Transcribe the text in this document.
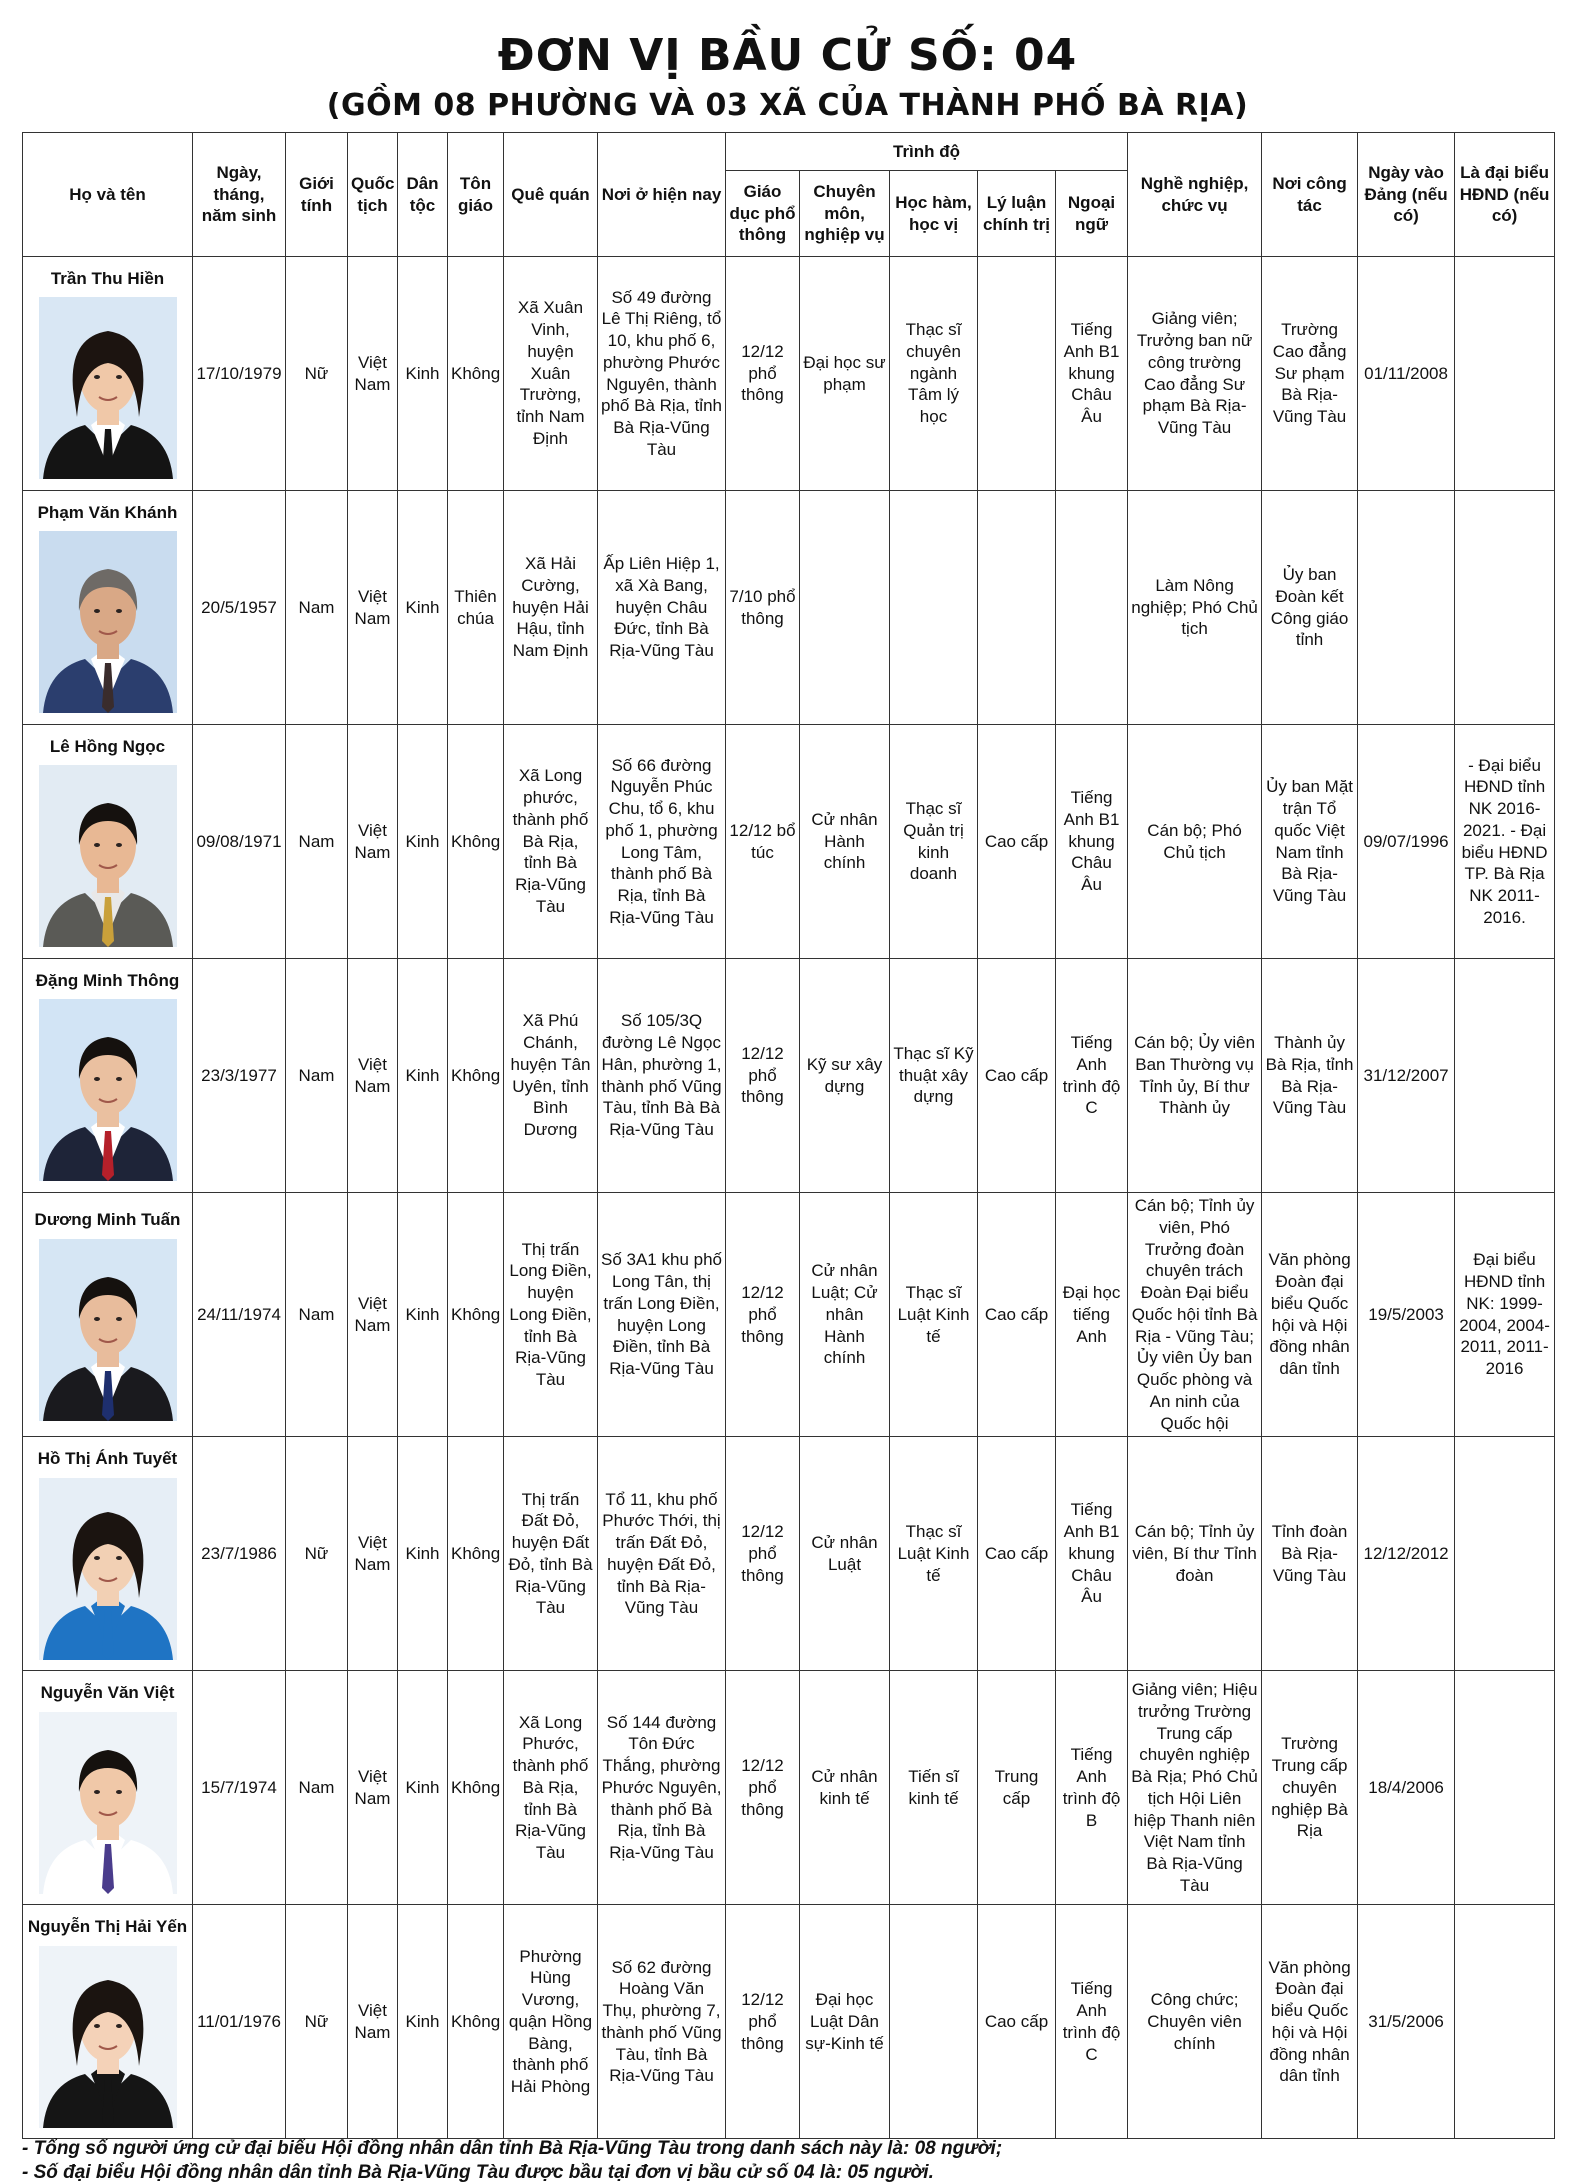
ĐƠN VỊ BẦU CỬ SỐ: 04
(GỒM 08 PHƯỜNG VÀ 03 XÃ CỦA THÀNH PHỐ BÀ RỊA)
Họ và tên	Ngày, tháng, năm sinh	Giới tính	Quốc tịch	Dân tộc	Tôn giáo	Quê quán	Nơi ở hiện nay	Trình độ					Nghề nghiệp, chức vụ	Nơi công tác	Ngày vào Đảng (nếu có)	Là đại biểu HĐND (nếu có)
								Giáo dục phổ thông	Chuyên môn, nghiệp vụ	Học hàm, học vị	Lý luận chính trị	Ngoại ngữ				

Trần Thu Hiền	17/10/1979	Nữ	Việt Nam	Kinh	Không	Xã Xuân Vinh, huyện Xuân Trường, tỉnh Nam Định	Số 49 đường Lê Thị Riêng, tổ 10, khu phố 6, phường Phước Nguyên, thành phố Bà Rịa, tỉnh Bà Rịa-Vũng Tàu	12/12 phổ thông	Đại học sư phạm	Thạc sĩ chuyên ngành Tâm lý học		Tiếng Anh B1 khung Châu Âu	Giảng viên; Trưởng ban nữ công trường Cao đẳng Sư phạm Bà Rịa-Vũng Tàu	Trường Cao đẳng Sư phạm Bà Rịa-Vũng Tàu	01/11/2008	

Phạm Văn Khánh	20/5/1957	Nam	Việt Nam	Kinh	Thiên chúa	Xã Hải Cường, huyện Hải Hậu, tỉnh Nam Định	Ấp Liên Hiệp 1, xã Xà Bang, huyện Châu Đức, tỉnh Bà Rịa-Vũng Tàu	7/10 phổ thông					Làm Nông nghiệp; Phó Chủ tịch	Ủy ban Đoàn kết Công giáo tỉnh		

Lê Hồng Ngọc	09/08/1971	Nam	Việt Nam	Kinh	Không	Xã Long phước, thành phố Bà Rịa, tỉnh Bà Rịa-Vũng Tàu	Số 66 đường Nguyễn Phúc Chu, tổ 6, khu phố 1, phường Long Tâm, thành phố Bà Rịa, tỉnh Bà Rịa-Vũng Tàu	12/12 bổ túc	Cử nhân Hành chính	Thạc sĩ Quản trị kinh doanh	Cao cấp	Tiếng Anh B1 khung Châu Âu	Cán bộ; Phó Chủ tịch	Ủy ban Mặt trận Tổ quốc Việt Nam tỉnh Bà Rịa-Vũng Tàu	09/07/1996	- Đại biểu HĐND tỉnh NK 2016-2021. - Đại biểu HĐND TP. Bà Rịa NK 2011-2016.

Đặng Minh Thông	23/3/1977	Nam	Việt Nam	Kinh	Không	Xã Phú Chánh, huyện Tân Uyên, tỉnh Bình Dương	Số 105/3Q đường Lê Ngọc Hân, phường 1, thành phố Vũng Tàu, tỉnh Bà Bà Rịa-Vũng Tàu	12/12 phổ thông	Kỹ sư xây dựng	Thạc sĩ Kỹ thuật xây dựng	Cao cấp	Tiếng Anh trình độ C	Cán bộ; Ủy viên Ban Thường vụ Tỉnh ủy, Bí thư Thành ủy	Thành ủy Bà Rịa, tỉnh Bà Rịa-Vũng Tàu	31/12/2007	

Dương Minh Tuấn	24/11/1974	Nam	Việt Nam	Kinh	Không	Thị trấn Long Điền, huyện Long Điền, tỉnh Bà Rịa-Vũng Tàu	Số 3A1 khu phố Long Tân, thị trấn Long Điền, huyện Long Điền, tỉnh Bà Rịa-Vũng Tàu	12/12 phổ thông	Cử nhân Luật; Cử nhân Hành chính	Thạc sĩ Luật Kinh tế	Cao cấp	Đại học tiếng Anh	Cán bộ; Tỉnh ủy viên, Phó Trưởng đoàn chuyên trách Đoàn Đại biểu Quốc hội tỉnh Bà Rịa - Vũng Tàu; Ủy viên Ủy ban Quốc phòng và An ninh của Quốc hội	Văn phòng Đoàn đại biểu Quốc hội và Hội đồng nhân dân tỉnh	19/5/2003	Đại biểu HĐND tỉnh NK: 1999-2004, 2004-2011, 2011-2016

Hồ Thị Ánh Tuyết	23/7/1986	Nữ	Việt Nam	Kinh	Không	Thị trấn Đất Đỏ, huyện Đất Đỏ, tỉnh Bà Rịa-Vũng Tàu	Tổ 11, khu phố Phước Thới, thị trấn Đất Đỏ, huyện Đất Đỏ, tỉnh Bà Rịa-Vũng Tàu	12/12 phổ thông	Cử nhân Luật	Thạc sĩ Luật Kinh tế	Cao cấp	Tiếng Anh B1 khung Châu Âu	Cán bộ; Tỉnh ủy viên, Bí thư Tỉnh đoàn	Tỉnh đoàn Bà Rịa-Vũng Tàu	12/12/2012	

Nguyễn Văn Việt	15/7/1974	Nam	Việt Nam	Kinh	Không	Xã Long Phước, thành phố Bà Rịa, tỉnh Bà Rịa-Vũng Tàu	Số 144 đường Tôn Đức Thắng, phường Phước Nguyên, thành phố Bà Rịa, tỉnh Bà Rịa-Vũng Tàu	12/12 phổ thông	Cử nhân kinh tế	Tiến sĩ kinh tế	Trung cấp	Tiếng Anh trình độ B	Giảng viên; Hiệu trưởng Trường Trung cấp chuyên nghiệp Bà Rịa; Phó Chủ tịch Hội Liên hiệp Thanh niên Việt Nam tỉnh Bà Rịa-Vũng Tàu	Trường Trung cấp chuyên nghiệp Bà Rịa	18/4/2006	

Nguyễn Thị Hải Yến	11/01/1976	Nữ	Việt Nam	Kinh	Không	Phường Hùng Vương, quận Hồng Bàng, thành phố Hải Phòng	Số 62 đường Hoàng Văn Thụ, phường 7, thành phố Vũng Tàu, tỉnh Bà Rịa-Vũng Tàu	12/12 phổ thông	Đại học Luật Dân sự-Kinh tế		Cao cấp	Tiếng Anh trình độ C	Công chức; Chuyên viên chính	Văn phòng Đoàn đại biểu Quốc hội và Hội đồng nhân dân tỉnh	31/5/2006	
- Tổng số người ứng cử đại biểu Hội đồng nhân dân tỉnh Bà Rịa-Vũng Tàu trong danh sách này là: 08 người;
- Số đại biểu Hội đồng nhân dân tỉnh Bà Rịa-Vũng Tàu được bầu tại đơn vị bầu cử số 04 là: 05 người.
